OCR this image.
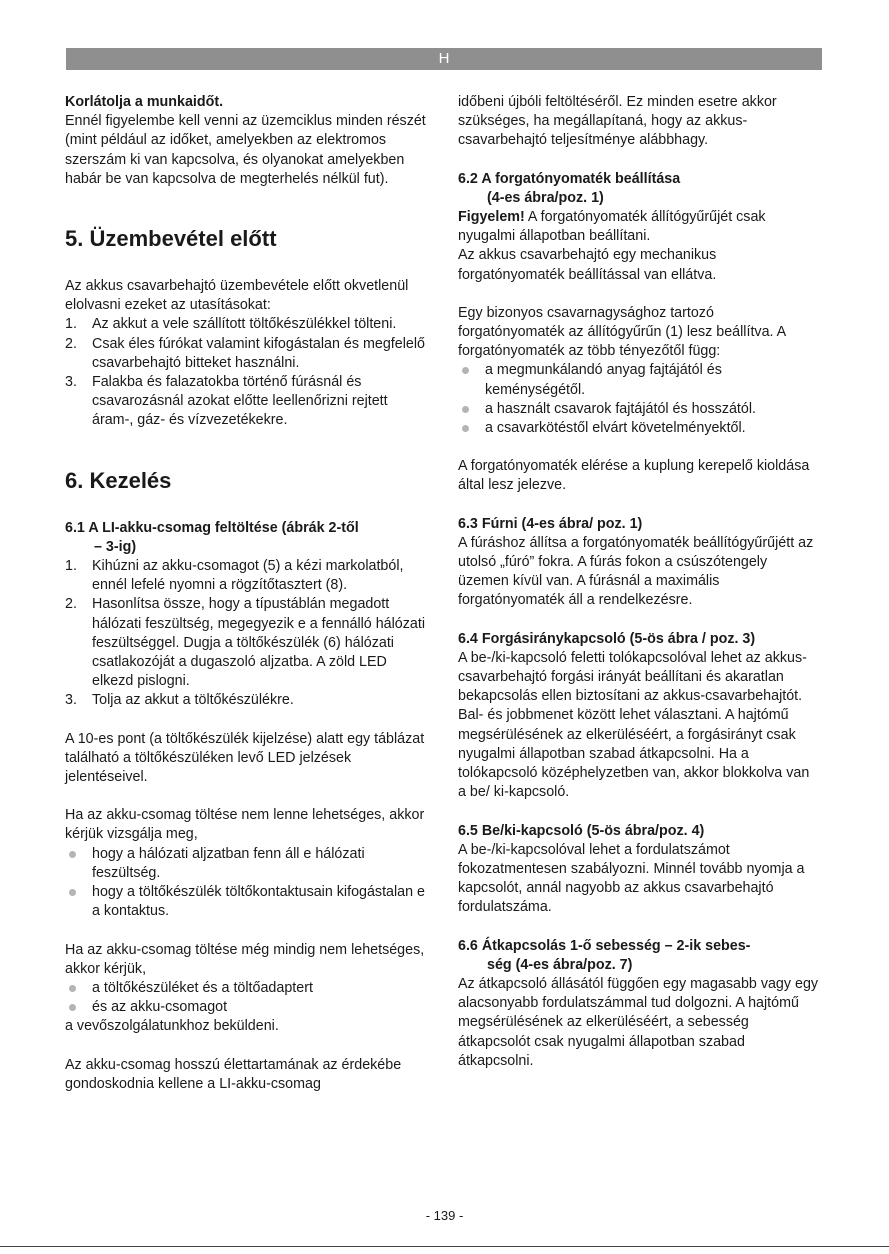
H
Korlátolja a munkaidőt.

Ennél figyelembe kell venni az üzemciklus minden részét (mint például az időket, amelyekben az elektromos szerszám ki van kapcsolva, és olyanokat amelyekben habár be van kapcsolva de megterhelés nélkül fut).

5. Üzembevétel előtt

Az akkus csavarbehajtó üzembevétele előtt okvetlenül elolvasni ezeket az utasításokat:

1. Az akkut a vele szállított töltőkészülékkel tölteni.
2. Csak éles fúrókat valamint kifogástalan és megfelelő csavarbehajtó bitteket használni.
3. Falakba és falazatokba történő fúrásnál és csavarozásnál azokat előtte leellenőrizni rejtett áram-, gáz- és vízvezetékekre.
6. Kezelés
6.1 A LI-akku-csomag feltöltése (ábrák 2-től
– 3-ig)
1. Kihúzni az akku-csomagot (5) a kézi markolatból, ennél lefelé nyomni a rögzítőtasztert (8).
2. Hasonlítsa össze, hogy a típustáblán megadott hálózati feszültség, megegyezik e a fennálló hálózati feszültséggel. Dugja a töltőkészülék (6) hálózati csatlakozóját a dugaszoló aljzatba. A zöld LED elkezd pislogni.
3. Tolja az akkut a töltőkészülékre.

A 10-es pont (a töltőkészülék kijelzése) alatt egy táblázat található a töltőkészüléken levő LED jelzések jelentéseivel.

Ha az akku-csomag töltése nem lenne lehetséges, akkor kérjük vizsgálja meg,

hogy a hálózati aljzatban fenn áll e hálózati feszültség.
hogy a töltőkészülék töltőkontaktusain kifogástalan e a kontaktus.

Ha az akku-csomag töltése még mindig nem lehetséges, akkor kérjük,

a töltőkészüléket és a töltőadaptert
és az akku-csomagot

a vevőszolgálatunkhoz beküldeni.

Az akku-csomag hosszú élettartamának az érdekébe gondoskodnia kellene a LI-akku-csomag

időbeni újbóli feltöltéséről. Ez minden esetre akkor szükséges, ha megállapítaná, hogy az akkus-csavarbehajtó teljesítménye alábbhagy.

6.2 A forgatónyomaték beállítása
(4-es ábra/poz. 1)

Figyelem! A forgatónyomaték állítógyűrűjét csak nyugalmi állapotban beállítani.

Az akkus csavarbehajtó egy mechanikus forgatónyomaték beállítással van ellátva.

Egy bizonyos csavarnagysághoz tartozó forgatónyomaték az állítógyűrűn (1) lesz beállítva. A forgatónyomaték az több tényezőtől függ:

a megmunkálandó anyag fajtájától és keménységétől.
a használt csavarok fajtájától és hosszától.
a csavarkötéstől elvárt követelményektől.

A forgatónyomaték elérése a kuplung kerepelő kioldása által lesz jelezve.

6.3 Fúrni (4-es ábra/ poz. 1)

A fúráshoz állítsa a forgatónyomaték beállítógyűrűjétt az utolsó „fúró” fokra. A fúrás fokon a csúszótengely üzemen kívül van. A fúrásnál a maximális forgatónyomaték áll a rendelkezésre.

6.4 Forgásiránykapcsoló (5-ös ábra / poz. 3)

A be-/ki-kapcsoló feletti tolókapcsolóval lehet az akkus-csavarbehajtó forgási irányát beállítani és akaratlan bekapcsolás ellen biztosítani az akkus-csavarbehajtót. Bal- és jobbmenet között lehet választani. A hajtómű megsérülésének az elkerüléséért, a forgásirányt csak nyugalmi állapotban szabad átkapcsolni. Ha a tolókapcsoló középhelyzetben van, akkor blokkolva van a be/ ki-kapcsoló.

6.5 Be/ki-kapcsoló (5-ös ábra/poz. 4)

A be-/ki-kapcsolóval lehet a fordulatszámot fokozatmentesen szabályozni. Minnél tovább nyomja a kapcsolót, annál nagyobb az akkus csavarbehajtó fordulatszáma.

6.6 Átkapcsolás 1-ő sebesség – 2-ik sebes-
ség (4-es ábra/poz. 7)

Az átkapcsoló állásától függően egy magasabb vagy egy alacsonyabb fordulatszámmal tud dolgozni. A hajtómű megsérülésének az elkerüléséért, a sebesség átkapcsolót csak nyugalmi állapotban szabad átkapcsolni.

- 139 -
